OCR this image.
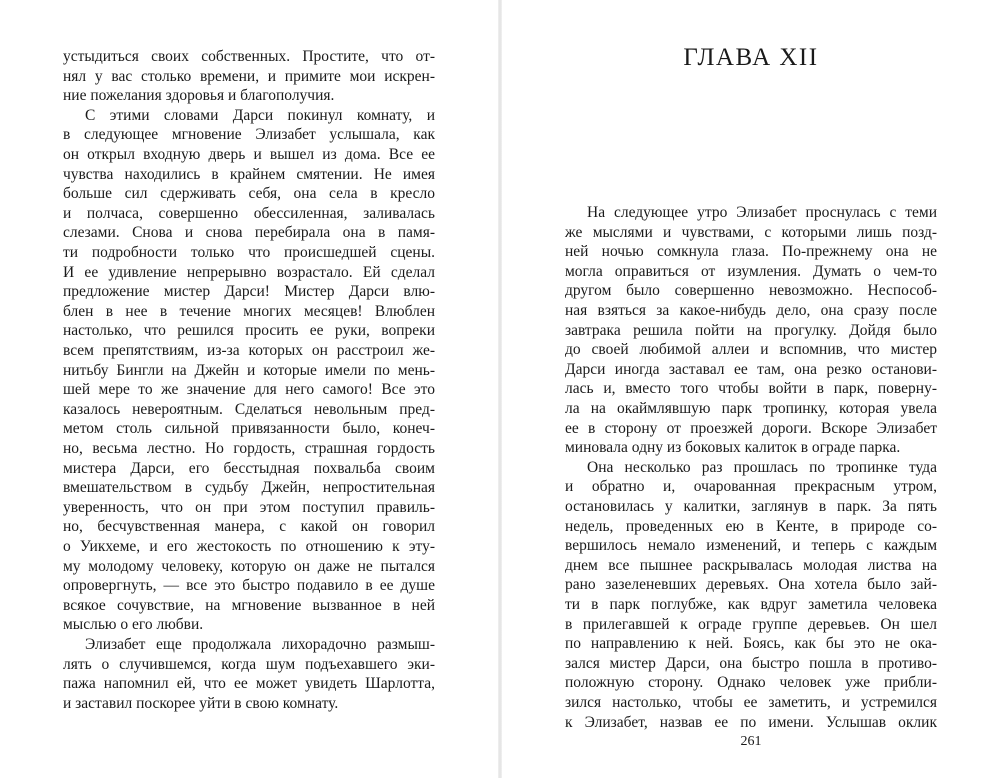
устыдиться своих собственных. Простите, что от-
нял у вас столько времени, и примите мои искрен-
ние пожелания здоровья и благополучия.
С этими словами Дарси покинул комнату, и
в следующее мгновение Элизабет услышала, как
он открыл входную дверь и вышел из дома. Все ее
чувства находились в крайнем смятении. Не имея
больше сил сдерживать себя, она села в кресло
и полчаса, совершенно обессиленная, заливалась
слезами. Снова и снова перебирала она в памя-
ти подробности только что происшедшей сцены.
И ее удивление непрерывно возрастало. Ей сделал
предложение мистер Дарси! Мистер Дарси влю-
блен в нее в течение многих месяцев! Влюблен
настолько, что решился просить ее руки, вопреки
всем препятствиям, из-за которых он расстроил же-
нитьбу Бингли на Джейн и которые имели по мень-
шей мере то же значение для него самого! Все это
казалось невероятным. Сделаться невольным пред-
метом столь сильной привязанности было, конеч-
но, весьма лестно. Но гордость, страшная гордость
мистера Дарси, его бесстыдная похвальба своим
вмешательством в судьбу Джейн, непростительная
уверенность, что он при этом поступил правиль-
но, бесчувственная манера, с какой он говорил
о Уикхеме, и его жестокость по отношению к эту-
му молодому человеку, которую он даже не пытался
опровергнуть, — все это быстро подавило в ее душе
всякое сочувствие, на мгновение вызванное в ней
мыслью о его любви.
Элизабет еще продолжала лихорадочно размыш-
лять о случившемся, когда шум подъехавшего эки-
пажа напомнил ей, что ее может увидеть Шарлотта,
и заставил поскорее уйти в свою комнату.
ГЛАВА XII
261
На следующее утро Элизабет проснулась с теми
же мыслями и чувствами, с которыми лишь позд-
ней ночью сомкнула глаза. По-прежнему она не
могла оправиться от изумления. Думать о чем-то
другом было совершенно невозможно. Неспособ-
ная взяться за какое-нибудь дело, она сразу после
завтрака решила пойти на прогулку. Дойдя было
до своей любимой аллеи и вспомнив, что мистер
Дарси иногда заставал ее там, она резко останови-
лась и, вместо того чтобы войти в парк, поверну-
ла на окаймлявшую парк тропинку, которая увела
ее в сторону от проезжей дороги. Вскоре Элизабет
миновала одну из боковых калиток в ограде парка.
Она несколько раз прошлась по тропинке туда
и обратно и, очарованная прекрасным утром,
остановилась у калитки, заглянув в парк. За пять
недель, проведенных ею в Кенте, в природе со-
вершилось немало изменений, и теперь с каждым
днем все пышнее раскрывалась молодая листва на
рано зазеленевших деревьях. Она хотела было зай-
ти в парк поглубже, как вдруг заметила человека
в прилегавшей к ограде группе деревьев. Он шел
по направлению к ней. Боясь, как бы это не ока-
зался мистер Дарси, она быстро пошла в противо-
положную сторону. Однако человек уже прибли-
зился настолько, чтобы ее заметить, и устремился
к Элизабет, назвав ее по имени. Услышав оклик
